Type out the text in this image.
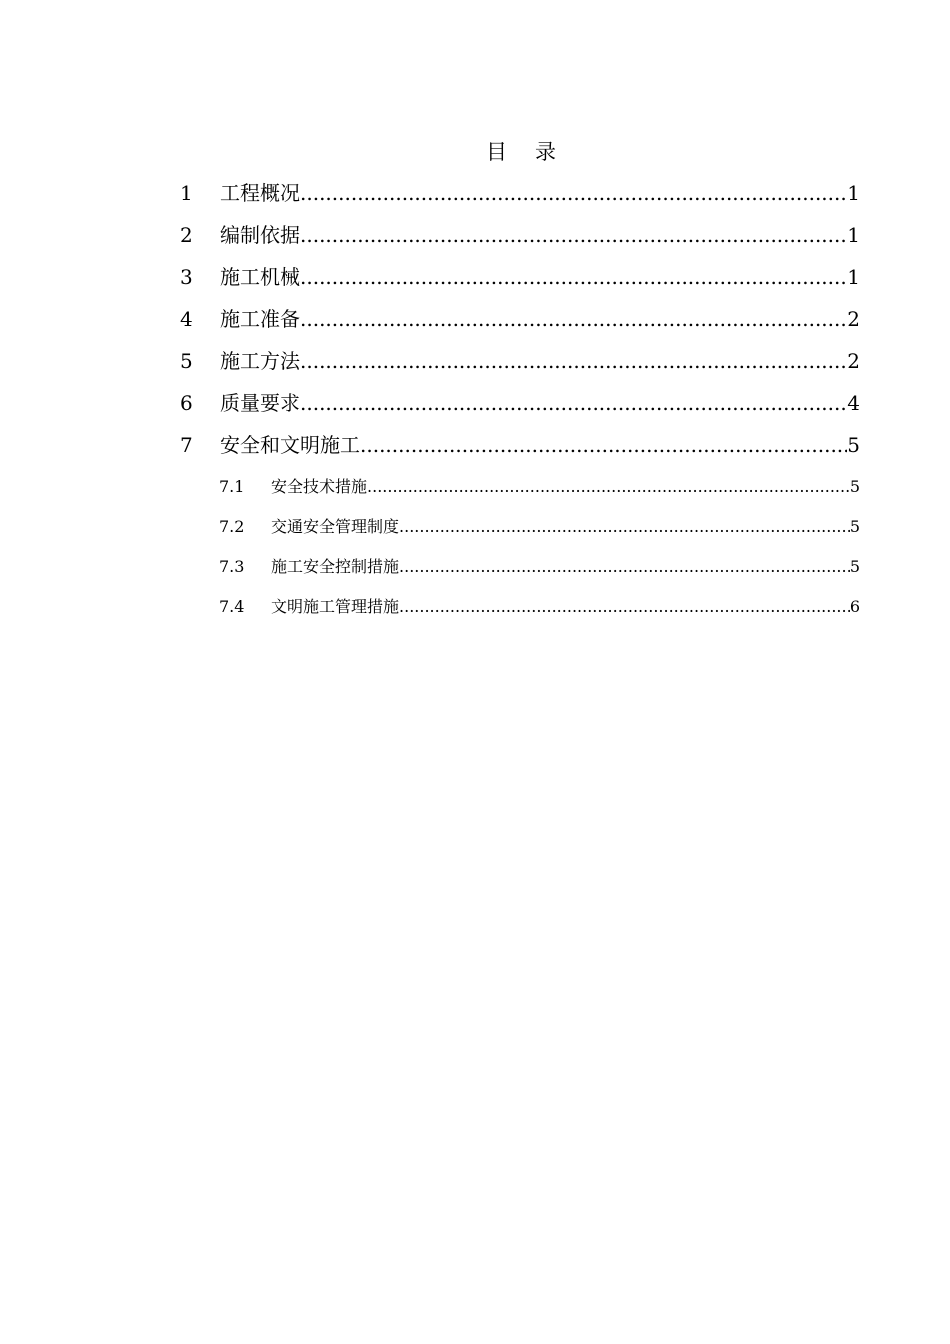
目 录
1	工程概况 .....	1
2	编制依据 .....	1
3	施工机械 .....	1
4	施工准备 .....	2
5	施工方法 .....	2
6	质量要求 .....	4
7	安全和文明施工 .....	5
7.1	安全技术措施 .....	5
7.2	交通安全管理制度 .....	5
7.3	施工安全控制措施 .....	5
7.4	文明施工管理措施 .....	6
